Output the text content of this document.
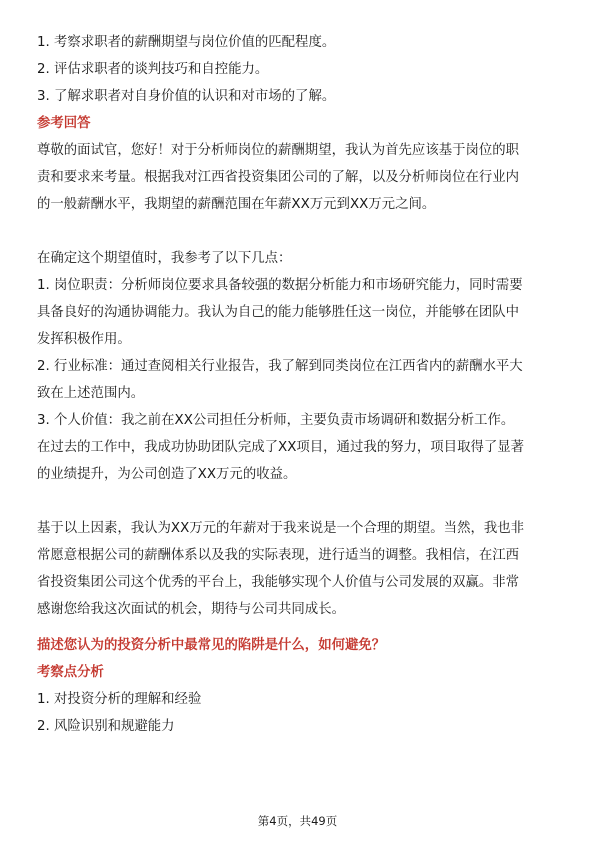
1. 考察求职者的薪酬期望与岗位价值的匹配程度。

2. 评估求职者的谈判技巧和自控能力。

3. 了解求职者对自身价值的认识和对市场的了解。

参考回答

尊敬的面试官，您好！对于分析师岗位的薪酬期望，我认为首先应该基于岗位的职

责和要求来考量。根据我对江西省投资集团公司的了解，以及分析师岗位在行业内

的一般薪酬水平，我期望的薪酬范围在年薪XX万元到XX万元之间。

在确定这个期望值时，我参考了以下几点：

1. 岗位职责：分析师岗位要求具备较强的数据分析能力和市场研究能力，同时需要

具备良好的沟通协调能力。我认为自己的能力能够胜任这一岗位，并能够在团队中

发挥积极作用。

2. 行业标准：通过查阅相关行业报告，我了解到同类岗位在江西省内的薪酬水平大

致在上述范围内。

3. 个人价值：我之前在XX公司担任分析师，主要负责市场调研和数据分析工作。

在过去的工作中，我成功协助团队完成了XX项目，通过我的努力，项目取得了显著

的业绩提升，为公司创造了XX万元的收益。

基于以上因素，我认为XX万元的年薪对于我来说是一个合理的期望。当然，我也非

常愿意根据公司的薪酬体系以及我的实际表现，进行适当的调整。我相信，在江西

省投资集团公司这个优秀的平台上，我能够实现个人价值与公司发展的双赢。非常

感谢您给我这次面试的机会，期待与公司共同成长。

描述您认为的投资分析中最常见的陷阱是什么，如何避免？

考察点分析

1. 对投资分析的理解和经验

2. 风险识别和规避能力

第4页，共49页
